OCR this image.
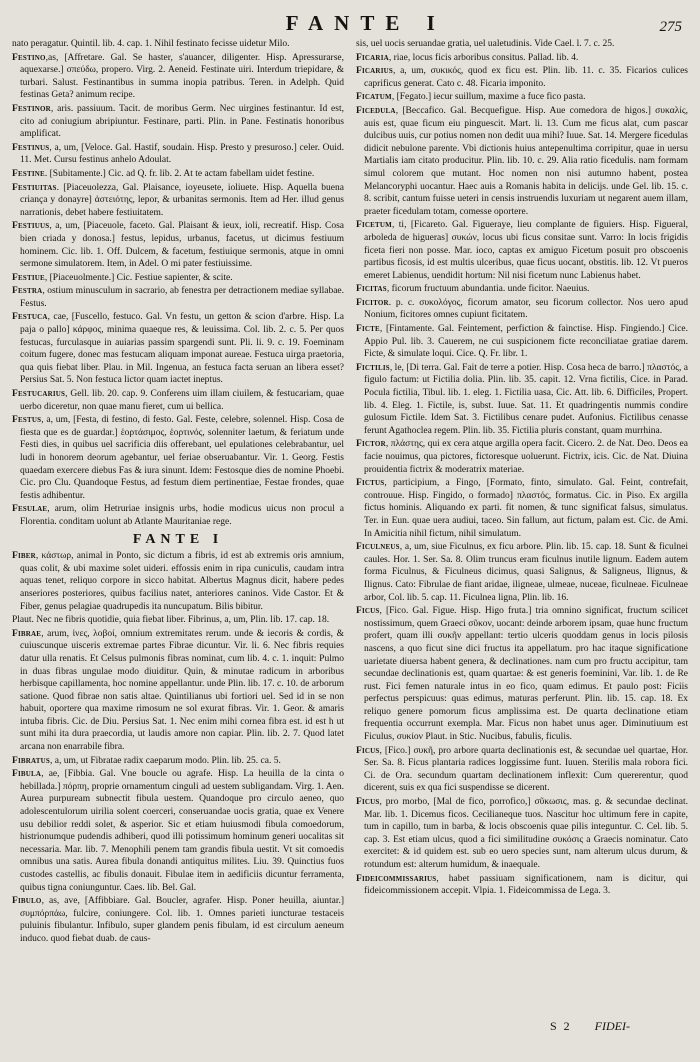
FANTE I	275
nato peragatur. Quintil. lib. 4. cap. 1. Nihil festinato fecisse uidetur Milo.
Festino,as, [Affretare. Gal. Se haster, s'auancer, diligenter. Hisp. Apressurarse, aquexarse.] σπεύδω, propero. Virg. 2. Aeneid. Festinate uiri. Interdum triepidare, & turbari. Salust. Festinantibus in summa inopia patribus. Teren. in Adelph. Quid festinas Geta? animum recipe.
Festinor, aris. passiuum. Tacit. de moribus Germ. Nec uirgines festinantur. Id est, cito ad coniugium abripiuntur. Festinare, parti. Plin. in Pane. Festinatis honoribus amplificat.
Festinus, a, um, [Veloce. Gal. Hastif, soudain. Hisp. Presto y presuroso.] celer. Ouid. 11. Met. Cursu festinus anhelo Adoulat.
Festine. [Subitamente.] Cic. ad Q. fr. lib. 2. At te actam fabellam uidet festine.
Festiuitas. [Piaceuolezza, Gal. Plaisance, ioyeusete, ioliuete. Hisp. Aquella buena criança y donayre] ἀστειότης, lepor, & urbanitas sermonis. Item ad Her. illud genus narrationis, debet habere festiuitatem.
Festiuus, a, um, [Piaceuole, faceto. Gal. Plaisant & ieux, ioli, recreatif. Hisp. Cosa bien criada y donosa.] festus, lepidus, urbanus, facetus, ut dicimus festiuum hominem. Cic. lib. 1. Off. Dulcem, & facetum, festiuique sermonis, atque in omni sermone simulatorem. Item, in Adel. O mi pater festiuissime.
Festiue, [Piaceuolmente.] Cic. Festiue sapienter, & scite.
Festra, ostium minusculum in sacrario, ab fenestra per detractionem mediae syllabae. Festus.
Festuca, cae, [Fuscello, festuco. Gal. Vn festu, un getton & scion d'arbre. Hisp. La paja o pallo] κάρφος, minima quaeque res, & leuissima. Col. lib. 2. c. 5. Per quos festucas, furculasque in auiarias passim spargendi sunt. Pli. li. 9. c. 19. Foeminam coitum fugere, donec mas festucam aliquam imponat aureae. Festuca uirga praetoria, qua quis fiebat liber. Plau. in Mil. Ingenua, an festuca facta seruan an libera esset? Persius Sat. 5. Non festuca lictor quam iactet ineptus.
Festucarius, Gell. lib. 20. cap. 9. Conferens uim illam ciuilem, & festucariam, quae uerbo diceretur, non quae manu fieret, cum ui bellica.
Festus, a, um, [Festa, di festino, di festo. Gal. Feste, celebre, solennel. Hisp. Cosa de fiesta que es de guardar.] ἑορτάσιμος, ἑορτινός, solenniter laetum, & feriatum unde Festi dies, in quibus uel sacrificia diis offerebant, uel epulationes celebrabantur, uel ludi in honorem deorum agebantur, uel feriae obseruabantur. Vir. 1. Georg. Festis quaedam exercere diebus Fas & iura sinunt. Idem: Festosque dies de nomine Phoebi. Cic. pro Clu. Quandoque Festus, ad festum diem pertinentiae, Festae frondes, quae festis adhibentur.
Fesulae, arum, olim Hetruriae insignis urbs, hodie modicus uicus non procul a Florentia. conditam uolunt ab Atlante Mauritaniae rege.
FANTE I
Fiber, κάστωρ, animal in Ponto, sic dictum a fibris, id est ab extremis oris amnium, quas colit, & ubi maxime solet uideri. effossis enim in ripa cuniculis, caudam intra aquas tenet, reliquo corpore in sicco habitat. Albertus Magnus dicit, habere pedes anseriores posteriores, quibus facilius natet, anteriores caninos. Vide Castor. Et & Fiber, genus pelagiae quadrupedis ita nuncupatum. Bilis bibitur.
Plaut. Nec ne fibris quotidie, quia fiebat liber. Fibrinus, a, um, Plin. lib. 17. cap. 18.
Fibrae, arum, ἱνες, λοβοί, omnium extremitates rerum. unde & iecoris & cordis, & cuiuscunque uisceris extremae partes Fibrae dicuntur. Vir. li. 6. Nec fibris requies datur ulla renatis. Et Celsus pulmonis fibras nominat, cum lib. 4. c. 1. inquit: Pulmo in duas fibras ungulae modo diuiditur. Quin, & minutae radicum in arboribus herbisque capillamenta, hoc nomine appellantur. unde Plin. lib. 17. c. 10. de arborum satione. Quod fibrae non satis altae. Quintilianus ubi fortiori uel. Sed id in se non habuit, oportere qua maxime rimosum ne sol exurat fibras. Vir. 1. Geor. & amaris intuba fibris. Cic. de Diu. Persius Sat. 1. Nec enim mihi cornea fibra est. id est h ut sunt mihi ita dura praecordia, ut laudis amore non capiar. Plin. lib. 2. 7. Quod latet arcana non enarrabile fibra.
Fibratus, a, um, ut Fibratae radix caeparum modo. Plin. lib. 25. ca. 5.
Fibula, ae, [Fibbia. Gal. Vne boucle ou agrafe. Hisp. La heuilla de la cinta o hebillada.] πόρπη, proprie ornamentum cinguli ad uestem subligandam. Virg. 1. Aen. Aurea purpuream subnectit fibula uestem. Quandoque pro circulo aeneo, quo adolescentulorum uirilia solent coerceri, conseruandae uocis gratia, quae ex Venere usu debilior reddi solet, & asperior. Sic et etiam huiusmodi fibula comoedorum, histrionumque pudendis adhiberi, quod illi potissimum hominum generi uocalitas sit necessaria. Mar. lib. 7. Menophili penem tam grandis fibula uestit. Vt sit comoedis omnibus una satis. Aurea fibula donandi antiquitus milites. Liu. 39. Quinctius fuos custodes castellis, ac fibulis donauit. Fibulae item in aedificiis dicuntur ferramenta, quibus tigna coniunguntur. Caes. lib. Bel. Gal.
Fibulo, as, ave, [Affibbiare. Gal. Boucler, agrafer. Hisp. Poner heuilla, aiuntar.] συμπόρπάω, fulcire, coniungere. Col. lib. 1. Omnes parieti iuncturae testaceis puluinis fibulantur. Infibulo, super glandem penis fibulam, id est circulum aeneum induco. quod fiebat duab. de caus-
sis, uel uocis seruandae gratia, uel ualetudinis. Vide Cael. l. 7. c. 25.
Ficaria, riae, locus ficis arboribus consitus. Pallad. lib. 4.
Ficarius, a, um, συκικός, quod ex ficu est. Plin. lib. 11. c. 35. Ficarios culices caprificus generat. Cato c. 48. Ficaria imponito.
Ficatum, [Fegato.] iecur suillum, maxime a fuce fico pasta.
Ficedula, [Beccafico. Gal. Becquefigue. Hisp. Aue comedora de higos.] συκαλίς, auis est, quae ficum eiu pinguescit. Mart. li. 13. Cum me ficus alat, cum pascar dulcibus uuis, cur potius nomen non dedit uua mihi? Iuue. Sat. 14. Mergere ficedulas didicit nebulone parente. Vbi dictionis huius antepenultima corripitur, quae in uersu Martialis iam citato producitur. Plin. lib. 10. c. 29. Alia ratio ficedulis. nam formam simul colorem que mutant. Hoc nomen non nisi autumno habent, postea Melancoryphi uocantur. Haec auis a Romanis habita in delicijs. unde Gel. lib. 15. c. 8. scribit, cantum fuisse ueteri in censis instruendis luxuriam ut negarent auem illam, praeter ficedulam totam, comesse oportere.
Ficetum, ti, [Ficareto. Gal. Figueraye, lieu complante de figuiers. Hisp. Figueral, arboleda de higueras] συκών, locus ubi ficus consitae sunt. Varro: In locis frigidis ficeta fieri non posse. Mar. ioco, captas ex amiguo Ficetum posuit pro obscoenis partibus ficosis, id est multis ulceribus, quae ficus uocant, obstitis. lib. 12. Vt pueros emeret Labienus, uendidit hortum: Nil nisi ficetum nunc Labienus habet.
Ficitas, ficorum fructuum abundantia. unde ficitor. Naeuius.
Ficitor. p. c. συκολόγος, ficorum amator, seu ficorum collector. Nos uero apud Nonium, ficitores omnes cupiunt ficitatem.
Ficte, [Fintamente. Gal. Feintement, perfiction & fainctise. Hisp. Fingiendo.] Cice. Appio Pul. lib. 3. Cauerem, ne cui suspicionem ficte reconciliatae gratiae darem. Ficte, & simulate loqui. Cice. Q. Fr. libr. 1.
Fictilis, le, [Di terra. Gal. Fait de terre a potier. Hisp. Cosa heca de barro.] πλαστός, a figulo factum: ut Fictilia dolia. Plin. lib. 35. capit. 12. Vrna fictilis, Cice. in Parad. Pocula fictilia, Tibul. lib. 1. eleg. 1. Fictilia uasa, Cic. Att. lib. 6. Difficiles, Propert. lib. 4. Eleg. 1. Fictile, is, subst. Iuue. Sat. 11. Et quadringentis nummis condire gulosum Fictile. Idem Sat. 3. Fictilibus cenare pudet. Aufonius. Fictilibus cenasse ferunt Agathoclea regem. Plin. lib. 35. Fictilia pluris constant, quam murrhina.
Fictor, πλάστης, qui ex cera atque argilla opera facit. Cicero. 2. de Nat. Deo. Deos ea facie nouimus, qua pictores, fictoresque uoluerunt. Fictrix, icis. Cic. de Nat. Diuina prouidentia fictrix & moderatrix materiae.
Fictus, participium, a Fingo, [Formato, finto, simulato. Gal. Feint, contrefait, controuue. Hisp. Fingido, o formado] πλαστός, formatus. Cic. in Piso. Ex argilla fictus hominis. Aliquando ex parti. fit nomen, & tunc significat falsus, simulatus. Ter. in Eun. quae uera audiui, taceo. Sin fallum, aut fictum, palam est. Cic. de Ami. In Amicitia nihil fictum, nihil simulatum.
Ficulneus, a, um, siue Ficulnus, ex ficu arbore. Plin. lib. 15. cap. 18. Sunt & ficulnei caules. Hor. 1. Ser. Sa. 8. Olim truncus eram ficulnus inutile lignum. Eadem autem forma Ficulnus, & Ficulneus dicimus, quasi Salignus, & Saligneus, Ilignus, & Ilignus. Cato: Fibrulae de fiant aridae, iligneae, ulmeae, nuceae, ficulneae. Ficulneae arbor, Col. lib. 5. cap. 11. Ficulnea ligna, Plin. lib. 16.
Ficus, [Fico. Gal. Figue. Hisp. Higo fruta.] tria omnino significat, fructum scilicet nostissimum, quem Graeci σῦκον, uocant: deinde arborem ipsam, quae hunc fructum profert, quam illi συκῆν appellant: tertio ulceris quoddam genus in locis pilosis nascens, a quo ficut sine dici fructus ita appellatum. pro hac itaque significatione uarietate diuersa habent genera, & declinationes. nam cum pro fructu accipitur, tam secundae declinationis est, quam quartae: & est generis foeminini, Var. lib. 1. de Re rust. Fici femen naturale intus in eo fico, quam edimus. Et paulo post: Ficiis perfectus perspicuus: quas edimus, maturas perferunt. Plin. lib. 15. cap. 18. Ex reliquo genere pomorum ficus amplissima est. De quarta declinatione etiam frequentia occurrunt exempla. Mar. Ficus non habet unus ager. Diminutiuum est Ficulus, συκίον Plaut. in Stic. Nucibus, fabulis, ficulis.
Ficus, [Fico.] συκῆ, pro arbore quarta declinationis est, & secundae uel quartae, Hor. Ser. Sa. 8. Ficus plantaria radices loggissime funt. Iuuen. Sterilis mala robora fici. Ci. de Ora. secundum quartam declinationem inflexit: Cum quererentur, quod dicerent, suis ex qua fici suspendisse se dicerent.
Ficus, pro morbo, [Mal de fico, porrofico,] σῦκωσις, mas. g. & secundae declinat. Mar. lib. 1. Dicemus ficos. Cecilianeque tuos. Nascitur hoc ultimum fere in capite, tum in capillo, tum in barba, & locis obscoenis quae pilis integuntur. C. Cel. lib. 5. cap. 3. Est etiam ulcus, quod a fici similitudine συκόσις a Graecis nominatur. Cato exercitet: & id quidem est. sub eo uero species sunt, nam alterum ulcus durum, & rotundum est: alterum humidum, & inaequale.
Fideicommissarius, habet passiuam significationem, nam is dicitur, qui fideicommissionem accepit. Vlpia. 1. Fideicommissa de Lega. 3.
S 2 FIDEI-
